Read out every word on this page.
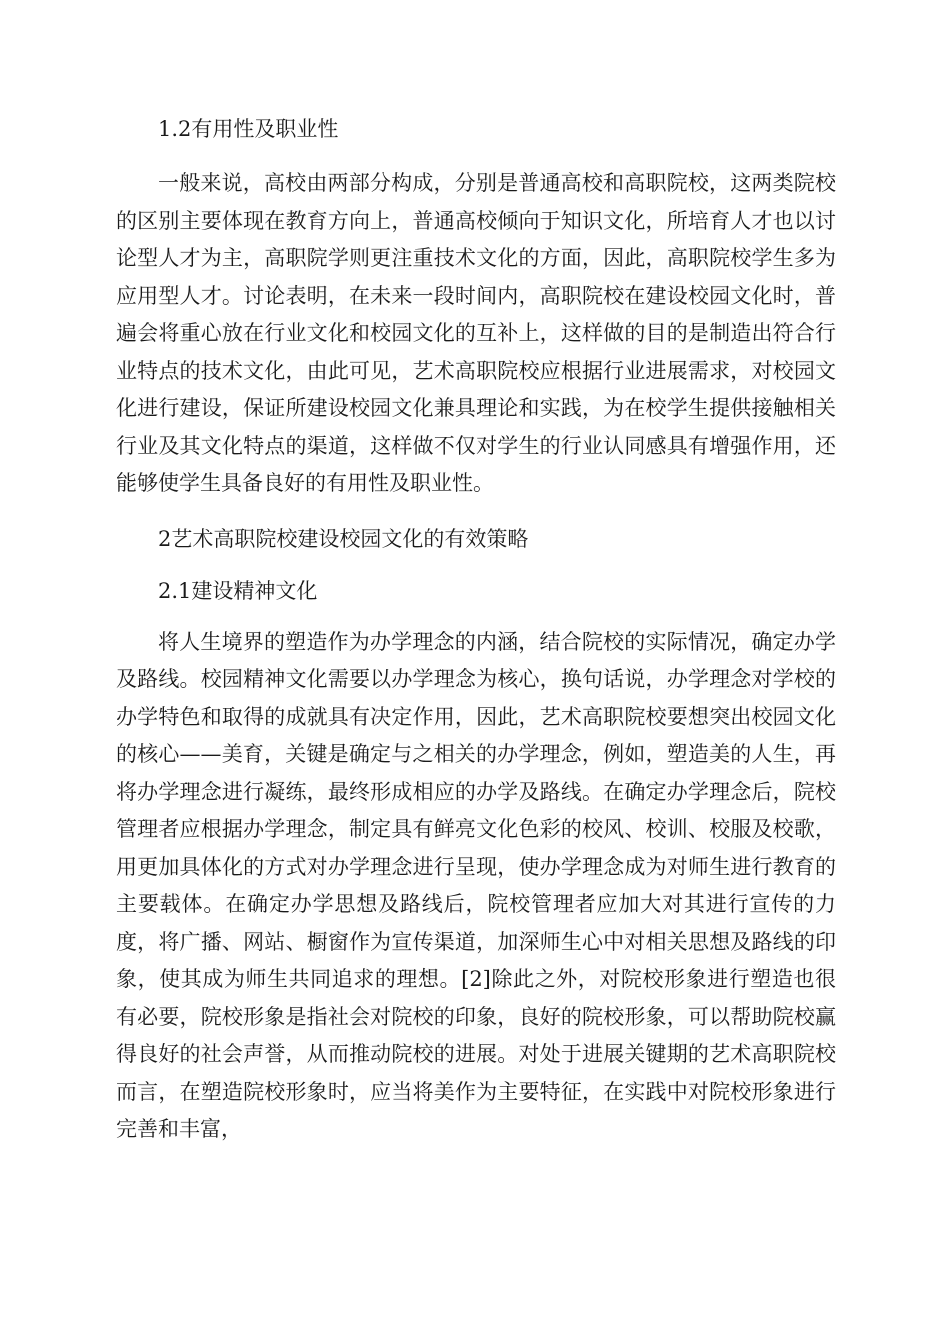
1.2有用性及职业性

一般来说，高校由两部分构成，分别是普通高校和高职院校，这两类院校的区别主要体现在教育方向上，普通高校倾向于知识文化，所培育人才也以讨论型人才为主，高职院学则更注重技术文化的方面，因此，高职院校学生多为应用型人才。讨论表明，在未来一段时间内，高职院校在建设校园文化时，普遍会将重心放在行业文化和校园文化的互补上，这样做的目的是制造出符合行业特点的技术文化，由此可见，艺术高职院校应根据行业进展需求，对校园文化进行建设，保证所建设校园文化兼具理论和实践，为在校学生提供接触相关行业及其文化特点的渠道，这样做不仅对学生的行业认同感具有增强作用，还能够使学生具备良好的有用性及职业性。

2艺术高职院校建设校园文化的有效策略

2.1建设精神文化

将人生境界的塑造作为办学理念的内涵，结合院校的实际情况，确定办学及路线。校园精神文化需要以办学理念为核心，换句话说，办学理念对学校的办学特色和取得的成就具有决定作用，因此，艺术高职院校要想突出校园文化的核心——美育，关键是确定与之相关的办学理念，例如，塑造美的人生，再将办学理念进行凝练，最终形成相应的办学及路线。在确定办学理念后，院校管理者应根据办学理念，制定具有鲜亮文化色彩的校风、校训、校服及校歌，用更加具体化的方式对办学理念进行呈现，使办学理念成为对师生进行教育的主要载体。在确定办学思想及路线后，院校管理者应加大对其进行宣传的力度，将广播、网站、橱窗作为宣传渠道，加深师生心中对相关思想及路线的印象，使其成为师生共同追求的理想。[2]除此之外，对院校形象进行塑造也很有必要，院校形象是指社会对院校的印象，良好的院校形象，可以帮助院校赢得良好的社会声誉，从而推动院校的进展。对处于进展关键期的艺术高职院校而言，在塑造院校形象时，应当将美作为主要特征，在实践中对院校形象进行完善和丰富，
